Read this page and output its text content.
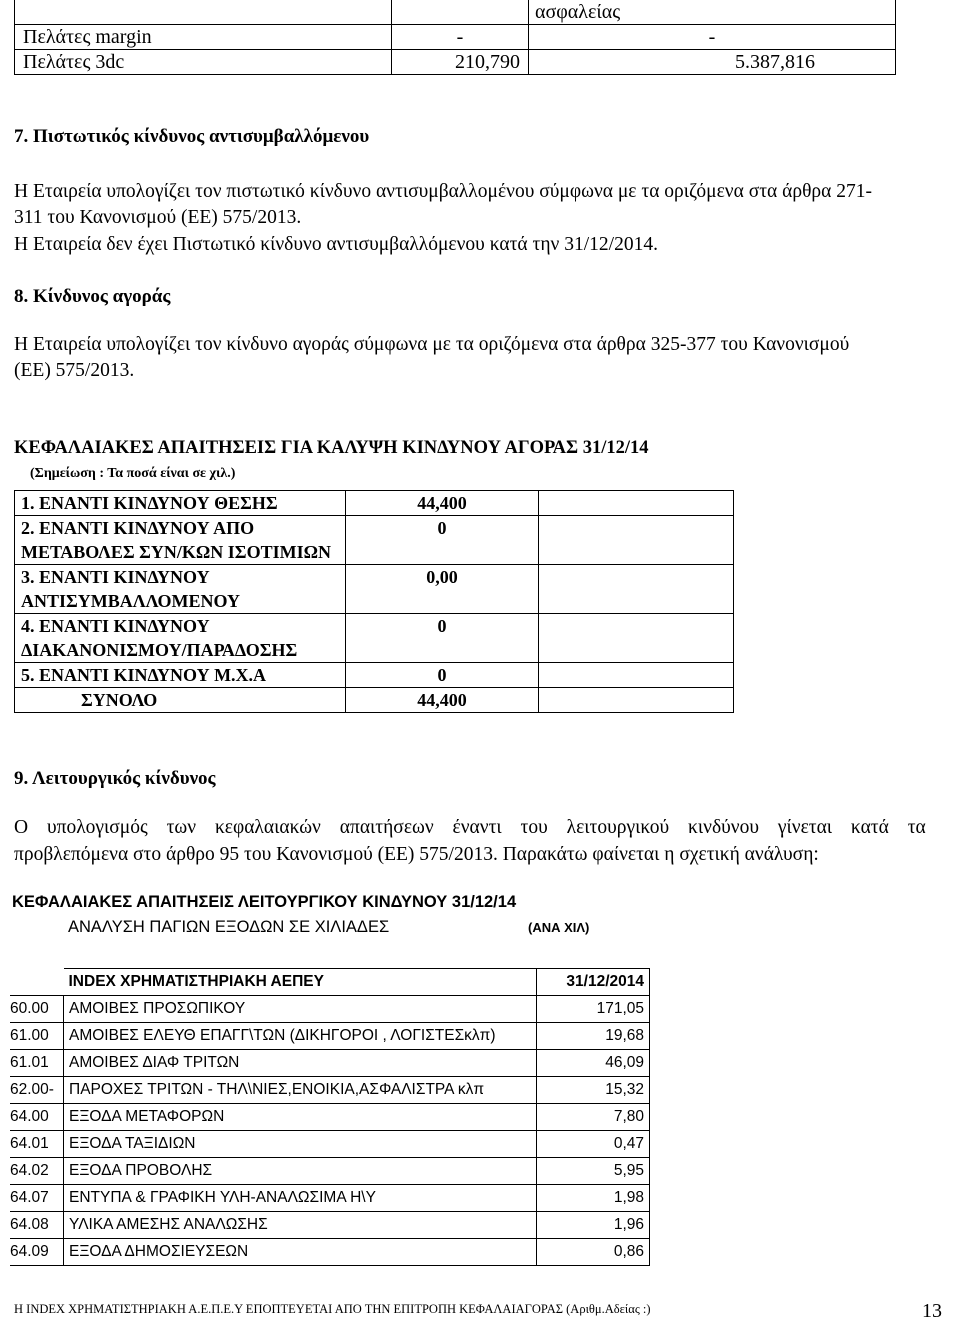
		ασφαλείας
Πελάτες margin	-	-
Πελάτες 3dc	210,790	5.387,816
7. Πιστωτικός κίνδυνος αντισυμβαλλόμενου
Η Εταιρεία υπολογίζει τον πιστωτικό κίνδυνο αντισυμβαλλομένου σύμφωνα με τα οριζόμενα στα άρθρα 271-
311 του Κανονισμού (ΕΕ) 575/2013.
Η Εταιρεία δεν έχει Πιστωτικό κίνδυνο αντισυμβαλλόμενου κατά την 31/12/2014.
8. Κίνδυνος αγοράς
Η Εταιρεία υπολογίζει τον κίνδυνο αγοράς σύμφωνα με τα οριζόμενα στα άρθρα 325-377 του Κανονισμού
(ΕΕ) 575/2013.
ΚΕΦΑΛΑΙΑΚΕΣ ΑΠΑΙΤΗΣΕΙΣ ΓΙΑ ΚΑΛΥΨΗ ΚΙΝΔΥΝΟΥ ΑΓΟΡΑΣ 31/12/14
(Σημείωση : Τα ποσά είναι σε χιλ.)
1. ΕΝΑΝΤΙ ΚΙΝΔΥΝΟΥ ΘΕΣΗΣ	44,400	
2. ΕΝΑΝΤΙ ΚΙΝΔΥΝΟΥ ΑΠΟ ΜΕΤΑΒΟΛΕΣ ΣΥΝ/ΚΩΝ ΙΣΟΤΙΜΙΩΝ	0	
3. ΕΝΑΝΤΙ ΚΙΝΔΥΝΟΥ ΑΝΤΙΣΥΜΒΑΛΛΟΜΕΝΟΥ	0,00	
4. ΕΝΑΝΤΙ ΚΙΝΔΥΝΟΥ ΔΙΑΚΑΝΟΝΙΣΜΟΥ/ΠΑΡΑΔΟΣΗΣ	0	
5. ΕΝΑΝΤΙ ΚΙΝΔΥΝΟΥ Μ.Χ.Α	0	
ΣΥΝΟΛΟ	44,400	
9. Λειτουργικός κίνδυνος
Ο υπολογισμός των κεφαλαιακών απαιτήσεων έναντι του λειτουργικού κινδύνου γίνεται κατά τα
προβλεπόμενα στο άρθρο 95 του Κανονισμού (ΕΕ) 575/2013. Παρακάτω φαίνεται η σχετική ανάλυση:
ΚΕΦΑΛΑΙΑΚΕΣ ΑΠΑΙΤΗΣΕΙΣ ΛΕΙΤΟΥΡΓΙΚΟΥ ΚΙΝΔΥΝΟΥ 31/12/14
ΑΝΑΛΥΣΗ ΠΑΓΙΩΝ ΕΞΟΔΩΝ ΣΕ ΧΙΛΙΑΔΕΣ	(ΑΝΑ ΧΙΛ)
	INDEX ΧΡΗΜΑΤΙΣΤΗΡΙΑΚΗ ΑΕΠΕΥ	31/12/2014
60.00	ΑΜΟΙΒΕΣ ΠΡΟΣΩΠΙΚΟΥ	171,05
61.00	ΑΜΟΙΒΕΣ ΕΛΕΥΘ ΕΠΑΓΓ\ΤΩΝ (ΔΙΚΗΓΟΡΟΙ , ΛΟΓΙΣΤΕΣκλπ)	19,68
61.01	ΑΜΟΙΒΕΣ ΔΙΑΦ ΤΡΙΤΩΝ	46,09
62.00-	ΠΑΡΟΧΕΣ ΤΡΙΤΩΝ - ΤΗΛ\ΝΙΕΣ,ΕΝΟΙΚΙΑ,ΑΣΦΑΛΙΣΤΡΑ κλπ	15,32
64.00	ΕΞΟΔΑ ΜΕΤΑΦΟΡΩΝ	7,80
64.01	ΕΞΟΔΑ ΤΑΞΙΔΙΩΝ	0,47
64.02	ΕΞΟΔΑ ΠΡΟΒΟΛΗΣ	5,95
64.07	ΕΝΤΥΠΑ & ΓΡΑΦΙΚΗ ΥΛΗ-ΑΝΑΛΩΣΙΜΑ Η\Υ	1,98
64.08	ΥΛΙΚΑ ΑΜΕΣΗΣ ΑΝΑΛΩΣΗΣ	1,96
64.09	ΕΞΟΔΑ ΔΗΜΟΣΙΕΥΣΕΩΝ	0,86
Η INDEX ΧΡΗΜΑΤΙΣΤΗΡΙΑΚΗ Α.Ε.Π.Ε.Υ ΕΠΟΠΤΕΥΕΤΑΙ ΑΠΟ ΤΗΝ ΕΠΙΤΡΟΠΗ ΚΕΦΑΛΑΙΑΓΟΡΑΣ (Αριθμ.Αδείας :)	13
